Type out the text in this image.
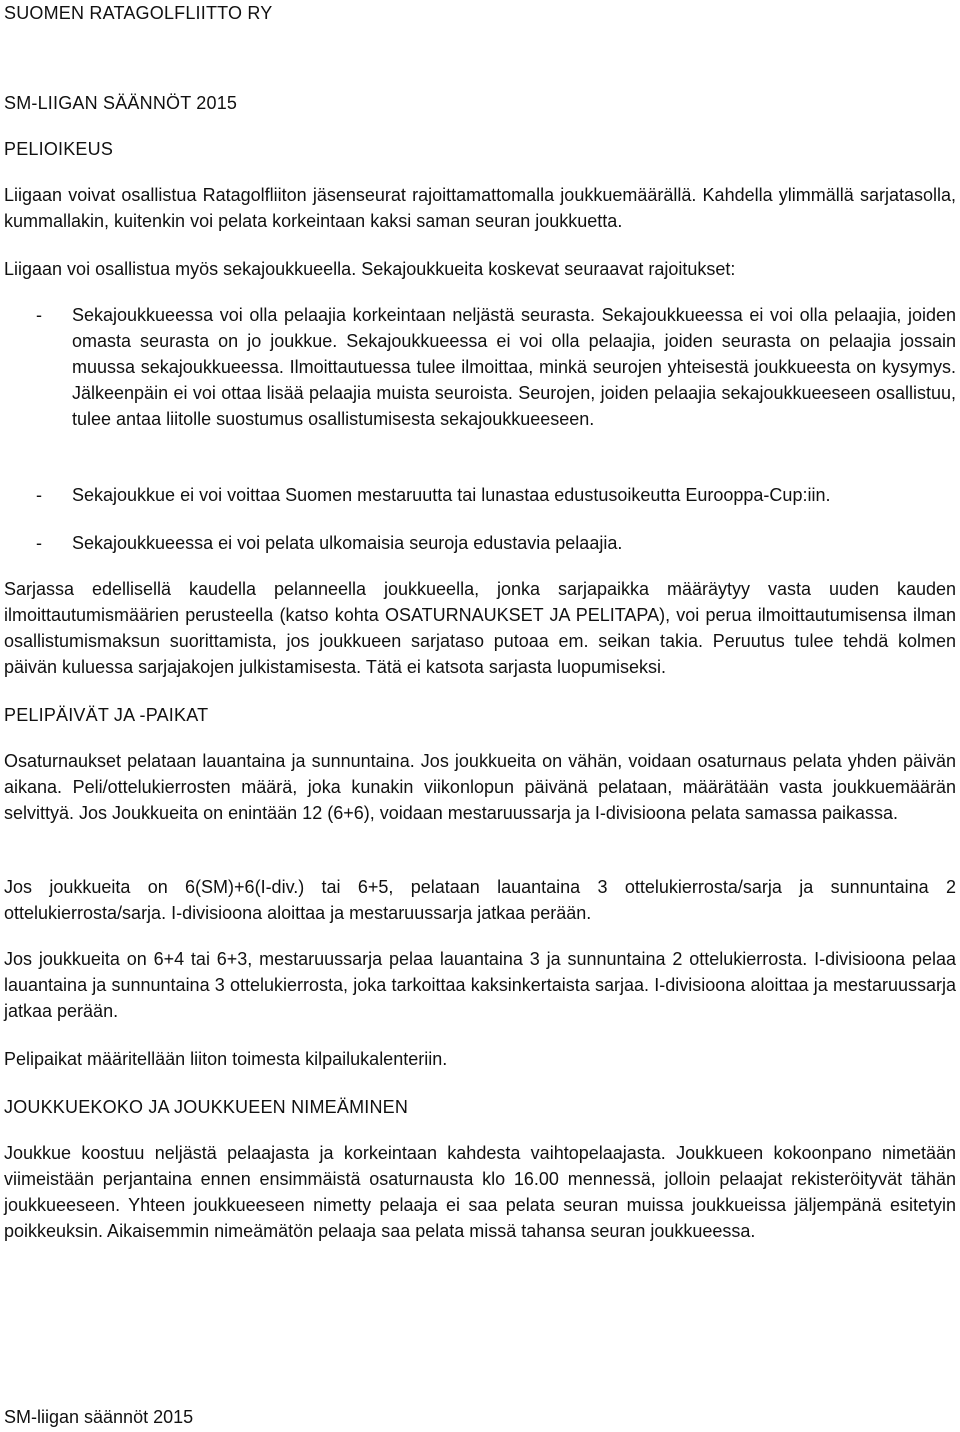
SUOMEN RATAGOLFLIITTO RY
SM-LIIGAN SÄÄNNÖT 2015
PELIOIKEUS

Liigaan voivat osallistua Ratagolfliiton jäsenseurat rajoittamattomalla joukkuemäärällä. Kahdella ylimmällä sarjatasolla, kummallakin, kuitenkin voi pelata korkeintaan kaksi saman seuran joukkuetta.

Liigaan voi osallistua myös sekajoukkueella. Sekajoukkueita koskevat seuraavat rajoitukset:

- Sekajoukkueessa voi olla pelaajia korkeintaan neljästä seurasta. Sekajoukkueessa ei voi olla pelaajia, joiden omasta seurasta on jo joukkue. Sekajoukkueessa ei voi olla pelaajia, joiden seurasta on pelaajia jossain muussa sekajoukkueessa. Ilmoittautuessa tulee ilmoittaa, minkä seurojen yhteisestä joukkueesta on kysymys. Jälkeenpäin ei voi ottaa lisää pelaajia muista seuroista. Seurojen, joiden pelaajia sekajoukkueeseen osallistuu, tulee antaa liitolle suostumus osallistumisesta sekajoukkueeseen.
- Sekajoukkue ei voi voittaa Suomen mestaruutta tai lunastaa edustusoikeutta Eurooppa-Cup:iin.
- Sekajoukkueessa ei voi pelata ulkomaisia seuroja edustavia pelaajia.

Sarjassa edellisellä kaudella pelanneella joukkueella, jonka sarjapaikka määräytyy vasta uuden kauden ilmoittautumismäärien perusteella (katso kohta OSATURNAUKSET JA PELITAPA), voi perua ilmoittautumisensa ilman osallistumismaksun suorittamista, jos joukkueen sarjataso putoaa em. seikan takia. Peruutus tulee tehdä kolmen päivän kuluessa sarjajakojen julkistamisesta. Tätä ei katsota sarjasta luopumiseksi.

PELIPÄIVÄT JA -PAIKAT

Osaturnaukset pelataan lauantaina ja sunnuntaina. Jos joukkueita on vähän, voidaan osaturnaus pelata yhden päivän aikana. Peli/ottelukierrosten määrä, joka kunakin viikonlopun päivänä pelataan, määrätään vasta joukkuemäärän selvittyä. Jos Joukkueita on enintään 12 (6+6), voidaan mestaruussarja ja I-divisioona pelata samassa paikassa.

Jos joukkueita on 6(SM)+6(I-div.) tai 6+5, pelataan lauantaina 3 ottelukierrosta/sarja ja sunnuntaina 2 ottelukierrosta/sarja. I-divisioona aloittaa ja mestaruussarja jatkaa perään.

Jos joukkueita on 6+4 tai 6+3, mestaruussarja pelaa lauantaina 3 ja sunnuntaina 2 ottelukierrosta. I-divisioona pelaa lauantaina ja sunnuntaina 3 ottelukierrosta, joka tarkoittaa kaksinkertaista sarjaa. I-divisioona aloittaa ja mestaruussarja jatkaa perään.

Pelipaikat määritellään liiton toimesta kilpailukalenteriin.

JOUKKUEKOKO JA JOUKKUEEN NIMEÄMINEN

Joukkue koostuu neljästä pelaajasta ja korkeintaan kahdesta vaihtopelaajasta. Joukkueen kokoonpano nimetään viimeistään perjantaina ennen ensimmäistä osaturnausta klo 16.00 mennessä, jolloin pelaajat rekisteröityvät tähän joukkueeseen. Yhteen joukkueeseen nimetty pelaaja ei saa pelata seuran muissa joukkueissa jäljempänä esitetyin poikkeuksin. Aikaisemmin nimeämätön pelaaja saa pelata missä tahansa seuran joukkueessa.

SM-liigan säännöt 2015
